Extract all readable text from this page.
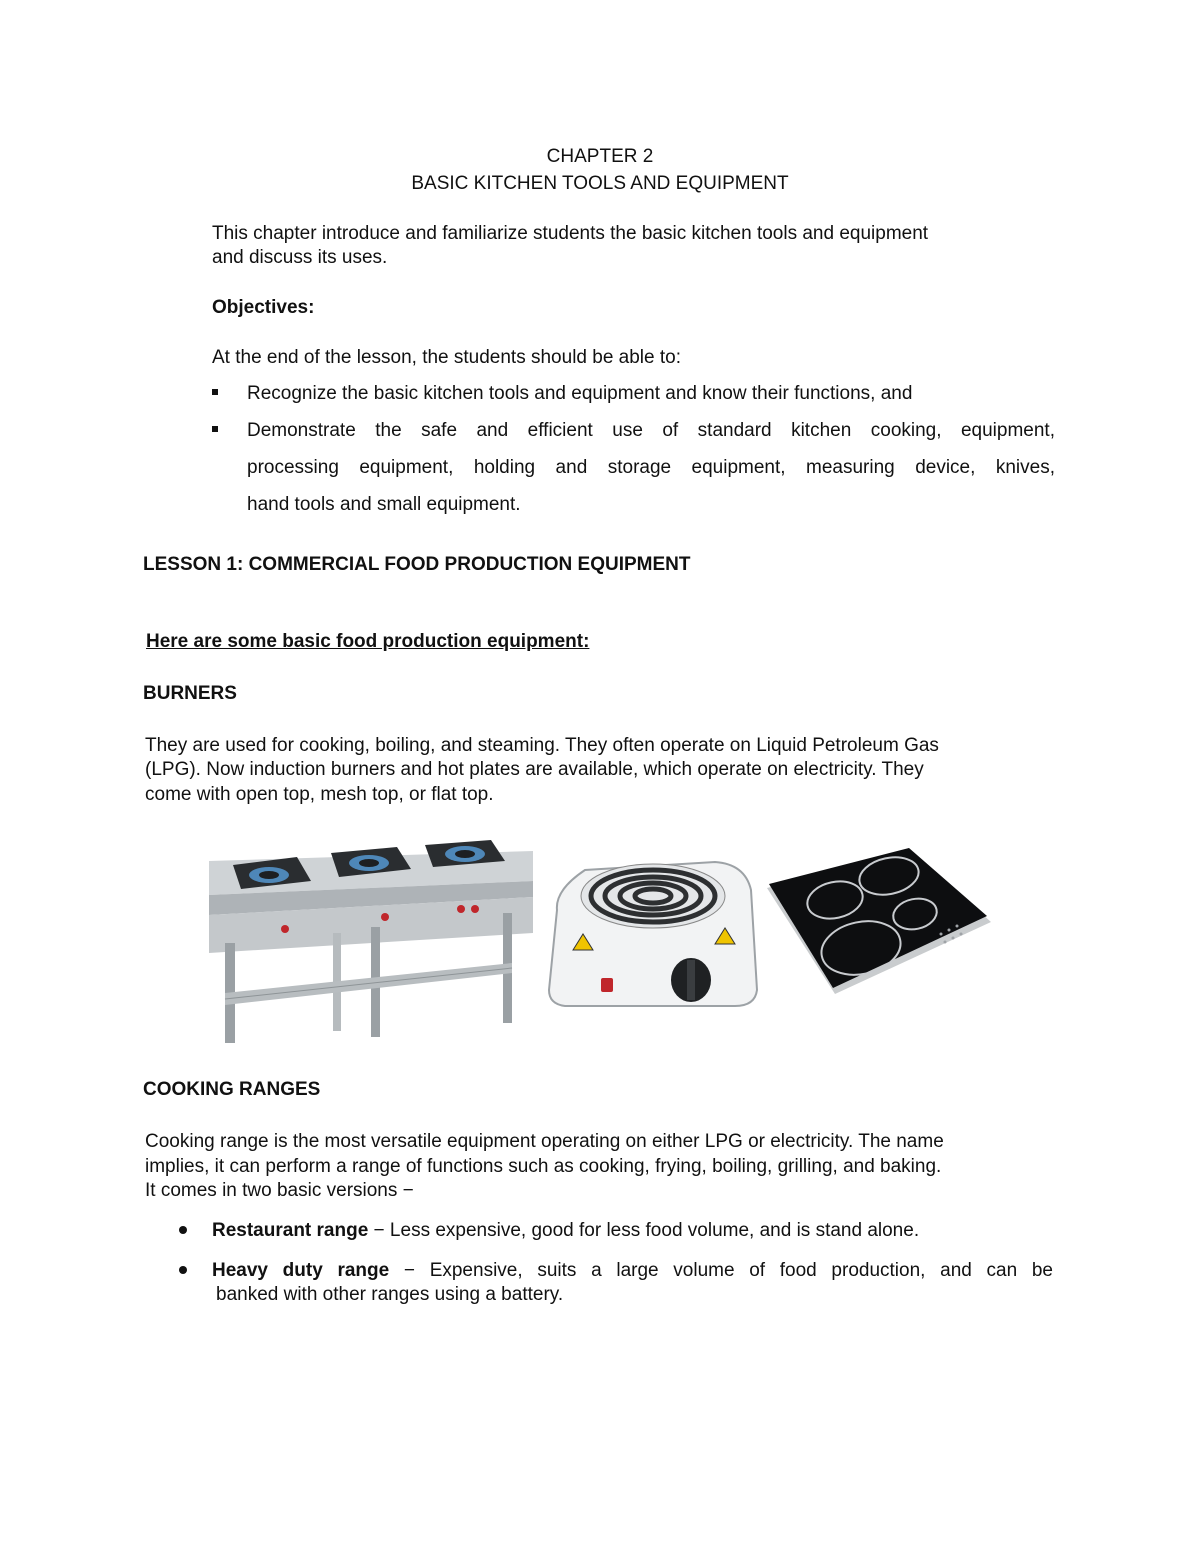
CHAPTER 2

BASIC KITCHEN TOOLS AND EQUIPMENT

This chapter introduce and familiarize students the basic kitchen tools and equipment

and discuss its uses.

Objectives:

At the end of the lesson, the students should be able to:

Recognize the basic kitchen tools and equipment and know their functions, and

Demonstrate the safe and efficient use of standard kitchen cooking, equipment,

processing equipment, holding and storage equipment, measuring device, knives,

hand tools and small equipment.

LESSON 1: COMMERCIAL FOOD PRODUCTION EQUIPMENT

Here are some basic food production equipment:

BURNERS

They are used for cooking, boiling, and steaming. They often operate on Liquid Petroleum Gas

(LPG). Now induction burners and hot plates are available, which operate on electricity. They

come with open top, mesh top, or flat top.

COOKING RANGES

Cooking range is the most versatile equipment operating on either LPG or electricity. The name

implies, it can perform a range of functions such as cooking, frying, boiling, grilling, and baking.

It comes in two basic versions −

Restaurant range − Less expensive, good for less food volume, and is stand alone.

Heavy duty range − Expensive, suits a large volume of food production, and can be

banked with other ranges using a battery.
